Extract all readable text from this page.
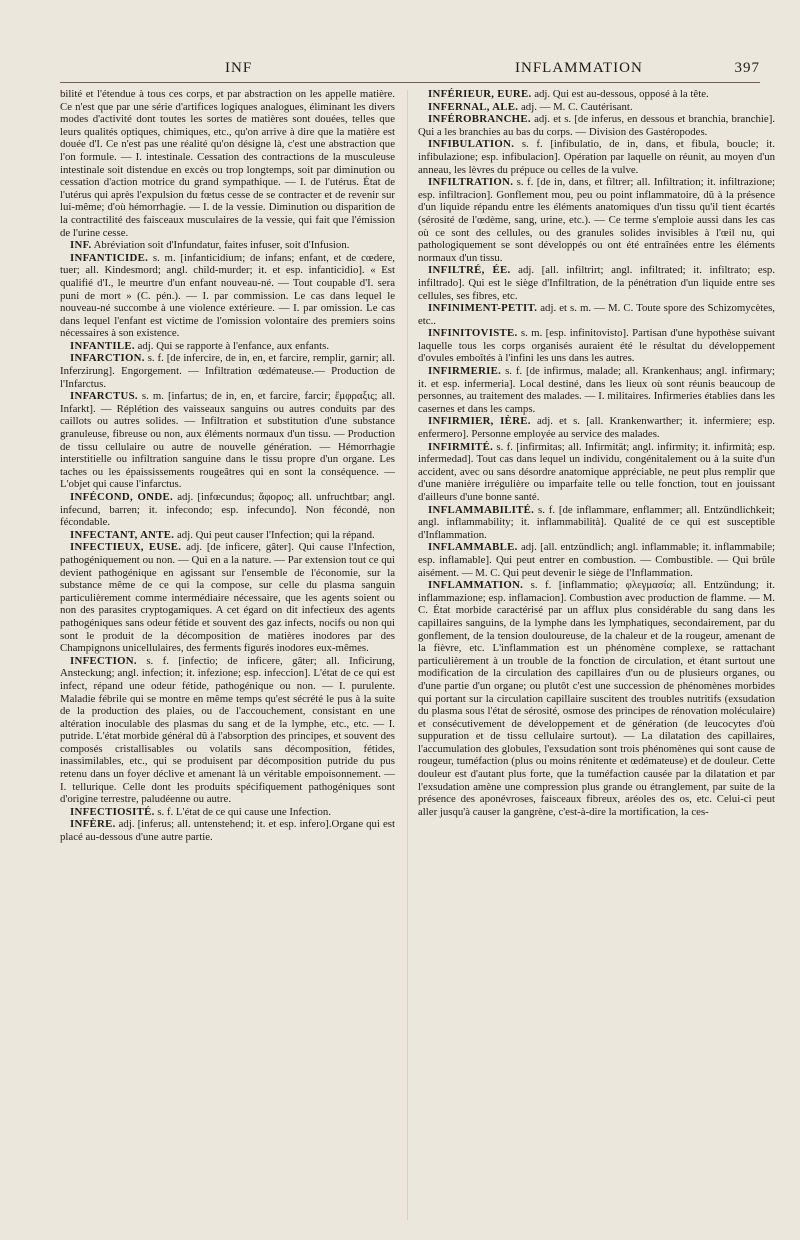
INF	INFLAMMATION	397

bilité et l'étendue à tous ces corps, et par abstraction on les appelle matière. Ce n'est que par une série d'artifices logiques analogues, éliminant les divers modes d'activité dont toutes les sortes de matières sont douées, telles que leurs qualités optiques, chimiques, etc., qu'on arrive à dire que la matière est douée d'I. Ce n'est pas une réalité qu'on désigne là, c'est une abstraction que l'on formule. — I. intestinale. Cessation des contractions de la musculeuse intestinale soit distendue en excès ou trop longtemps, soit par diminution ou cessation d'action motrice du grand sympathique. — I. de l'utérus. État de l'utérus qui après l'expulsion du fœtus cesse de se contracter et de revenir sur lui-même; d'où hémorrhagie. — I. de la vessie. Diminution ou disparition de la contractilité des faisceaux musculaires de la vessie, qui fait que l'émission de l'urine cesse.

INF. Abréviation soit d'Infundatur, faites infuser, soit d'Infusion.

INFANTICIDE. s. m. [infanticidium; de infans; enfant, et de cœdere, tuer; all. Kindesmord; angl. child-murder; it. et esp. infanticidio]. « Est qualifié d'I., le meurtre d'un enfant nouveau-né. — Tout coupable d'I. sera puni de mort » (C. pén.). — I. par commission. Le cas dans lequel le nouveau-né succombe à une violence extérieure. — I. par omission. Le cas dans lequel l'enfant est victime de l'omission volontaire des premiers soins nécessaires à son existence.

INFANTILE. adj. Qui se rapporte à l'enfance, aux enfants.

INFARCTION. s. f. [de infercire, de in, en, et farcire, remplir, garnir; all. Inferzirung]. Engorgement. — Infiltration œdémateuse.— Production de l'Infarctus.

INFARCTUS. s. m. [infartus; de in, en, et farcire, farcir; ἔμφραξις; all. Infarkt]. — Réplétion des vaisseaux sanguins ou autres conduits par des caillots ou autres solides. — Infiltration et substitution d'une substance granuleuse, fibreuse ou non, aux éléments normaux d'un tissu. — Production de tissu cellulaire ou autre de nouvelle génération. — Hémorrhagie interstitielle ou infiltration sanguine dans le tissu propre d'un organe. Les taches ou les épaississements rougeâtres qui en sont la conséquence. — L'objet qui cause l'infarctus.

INFÉCOND, ONDE. adj. [infœcundus; ἄφορος; all. unfruchtbar; angl. infecund, barren; it. infecondo; esp. infecundo]. Non fécondé, non fécondable.

INFECTANT, ANTE. adj. Qui peut causer l'Infection; qui la répand.

INFECTIEUX, EUSE. adj. [de inficere, gâter]. Qui cause l'Infection, pathogéniquement ou non. — Qui en a la nature. — Par extension tout ce qui devient pathogénique en agissant sur l'ensemble de l'économie, sur la substance même de ce qui la compose, sur celle du plasma sanguin particulièrement comme intermédiaire nécessaire, que les agents soient ou non des parasites cryptogamiques. A cet égard on dit infectieux des agents pathogéniques sans odeur fétide et souvent des gaz infects, nocifs ou non qui sont le produit de la décomposition de matières inodores par des Champignons unicellulaires, des ferments figurés inodores eux-mêmes.

INFECTION. s. f. [infectio; de inficere, gâter; all. Inficirung, Ansteckung; angl. infection; it. infezione; esp. infeccion]. L'état de ce qui est infect, répand une odeur fétide, pathogénique ou non. — I. purulente. Maladie fébrile qui se montre en même temps qu'est sécrété le pus à la suite de la production des plaies, ou de l'accouchement, consistant en une altération inoculable des plasmas du sang et de la lymphe, etc., etc. — I. putride. L'état morbide général dû à l'absorption des principes, et souvent des composés cristallisables ou volatils sans décomposition, fétides, inassimilables, etc., qui se produisent par décomposition putride du pus retenu dans un foyer déclive et amenant là un véritable empoisonnement. — I. tellurique. Celle dont les produits spécifiquement pathogéniques sont d'origine terrestre, paludéenne ou autre.

INFECTIOSITÉ. s. f. L'état de ce qui cause une Infection.

INFÈRE. adj. [inferus; all. untenstehend; it. et esp. infero].Organe qui est placé au-dessous d'une autre partie.

INFÉRIEUR, EURE. adj. Qui est au-dessous, opposé à la tête.

INFERNAL, ALE. adj. — M. C. Cautérisant.

INFÉROBRANCHE. adj. et s. [de inferus, en dessous et branchia, branchie]. Qui a les branchies au bas du corps. — Division des Gastéropodes.

INFIBULATION. s. f. [infibulatio, de in, dans, et fibula, boucle; it. infibulazione; esp. infibulacion]. Opération par laquelle on réunit, au moyen d'un anneau, les lèvres du prépuce ou celles de la vulve.

INFILTRATION. s. f. [de in, dans, et filtrer; all. Infiltration; it. infiltrazione; esp. infiltracion]. Gonflement mou, peu ou point inflammatoire, dû à la présence d'un liquide répandu entre les éléments anatomiques d'un tissu qu'il tient écartés (sérosité de l'œdème, sang, urine, etc.). — Ce terme s'emploie aussi dans les cas où ce sont des cellules, ou des granules solides invisibles à l'œil nu, qui pathologiquement se sont développés ou ont été entraînées entre les éléments normaux d'un tissu.

INFILTRÉ, ÉE. adj. [all. infiltrirt; angl. infiltrated; it. infiltrato; esp. infiltrado]. Qui est le siège d'Infiltration, de la pénétration d'un liquide entre ses cellules, ses fibres, etc.

INFINIMENT-PETIT. adj. et s. m. — M. C. Toute spore des Schizomycètes, etc..

INFINITOVISTE. s. m. [esp. infinitovisto]. Partisan d'une hypothèse suivant laquelle tous les corps organisés auraient été le résultat du développement d'ovules emboîtés à l'infini les uns dans les autres.

INFIRMERIE. s. f. [de infirmus, malade; all. Krankenhaus; angl. infirmary; it. et esp. infermeria]. Local destiné, dans les lieux où sont réunis beaucoup de personnes, au traitement des malades. — I. militaires. Infirmeries établies dans les casernes et dans les camps.

INFIRMIER, IÈRE. adj. et s. [all. Krankenwarther; it. infermiere; esp. enfermero]. Personne employée au service des malades.

INFIRMITÉ. s. f. [infirmitas; all. Infirmität; angl. infirmity; it. infirmità; esp. infermedad]. Tout cas dans lequel un individu, congénitalement ou à la suite d'un accident, avec ou sans désordre anatomique appréciable, ne peut plus remplir que d'une manière irrégulière ou imparfaite telle ou telle fonction, tout en jouissant d'ailleurs d'une bonne santé.

INFLAMMABILITÉ. s. f. [de inflammare, enflammer; all. Entzündlichkeit; angl. inflammability; it. inflammabilità]. Qualité de ce qui est susceptible d'Inflammation.

INFLAMMABLE. adj. [all. entzündlich; angl. inflammable; it. inflammabile; esp. inflamable]. Qui peut entrer en combustion. — Combustible. — Qui brûle aisément. — M. C. Qui peut devenir le siège de l'Inflammation.

INFLAMMATION. s. f. [inflammatio; φλεγμασία; all. Entzündung; it. inflammazione; esp. inflamacion]. Combustion avec production de flamme. — M. C. État morbide caractérisé par un afflux plus considérable du sang dans les capillaires sanguins, de la lymphe dans les lymphatiques, secondairement, par du gonflement, de la tension douloureuse, de la chaleur et de la rougeur, amenant de la fièvre, etc. L'inflammation est un phénomène complexe, se rattachant particulièrement à un trouble de la fonction de circulation, et étant surtout une modification de la circulation des capillaires d'un ou de plusieurs organes, ou d'une partie d'un organe; ou plutôt c'est une succession de phénomènes morbides qui portant sur la circulation capillaire suscitent des troubles nutritifs (exsudation du plasma sous l'état de sérosité, osmose des principes de rénovation moléculaire) et consécutivement de développement et de génération (de leucocytes d'où suppuration et de tissu cellulaire surtout). — La dilatation des capillaires, l'accumulation des globules, l'exsudation sont trois phénomènes qui sont cause de rougeur, tuméfaction (plus ou moins rénitente et œdémateuse) et de douleur. Cette douleur est d'autant plus forte, que la tuméfaction causée par la dilatation et par l'exsudation amène une compression plus grande ou étranglement, par suite de la présence des aponévroses, faisceaux fibreux, aréoles des os, etc. Celui-ci peut aller jusqu'à causer la gangrène, c'est-à-dire la mortification, la ces-
